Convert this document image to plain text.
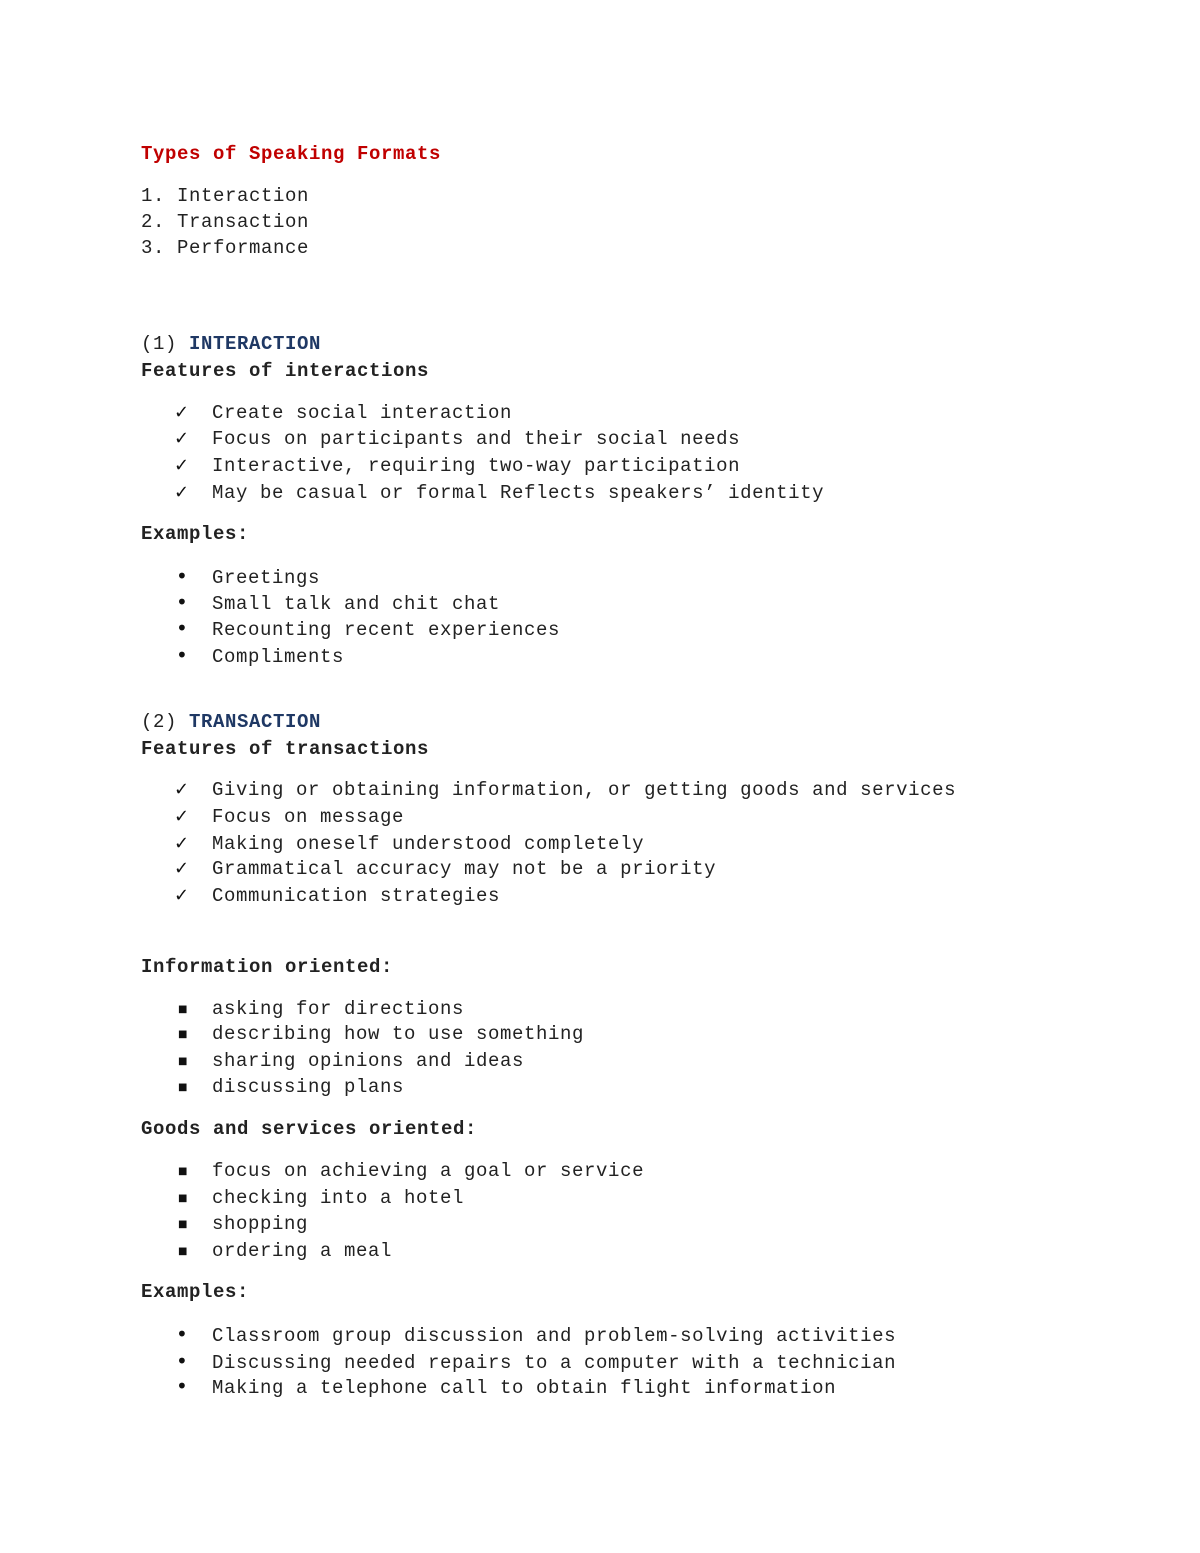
Types of Speaking Formats
1. Interaction
2. Transaction
3. Performance
(1) INTERACTION
Features of interactions
✓ Create social interaction
✓ Focus on participants and their social needs
✓ Interactive, requiring two-way participation
✓ May be casual or formal Reflects speakers’ identity
Examples:
• Greetings
• Small talk and chit chat
• Recounting recent experiences
• Compliments
(2) TRANSACTION
Features of transactions
✓ Giving or obtaining information, or getting goods and services
✓ Focus on message
✓ Making oneself understood completely
✓ Grammatical accuracy may not be a priority
✓ Communication strategies
Information oriented:
■ asking for directions
■ describing how to use something
■ sharing opinions and ideas
■ discussing plans
Goods and services oriented:
■ focus on achieving a goal or service
■ checking into a hotel
■ shopping
■ ordering a meal
Examples:
• Classroom group discussion and problem-solving activities
• Discussing needed repairs to a computer with a technician
• Making a telephone call to obtain flight information
